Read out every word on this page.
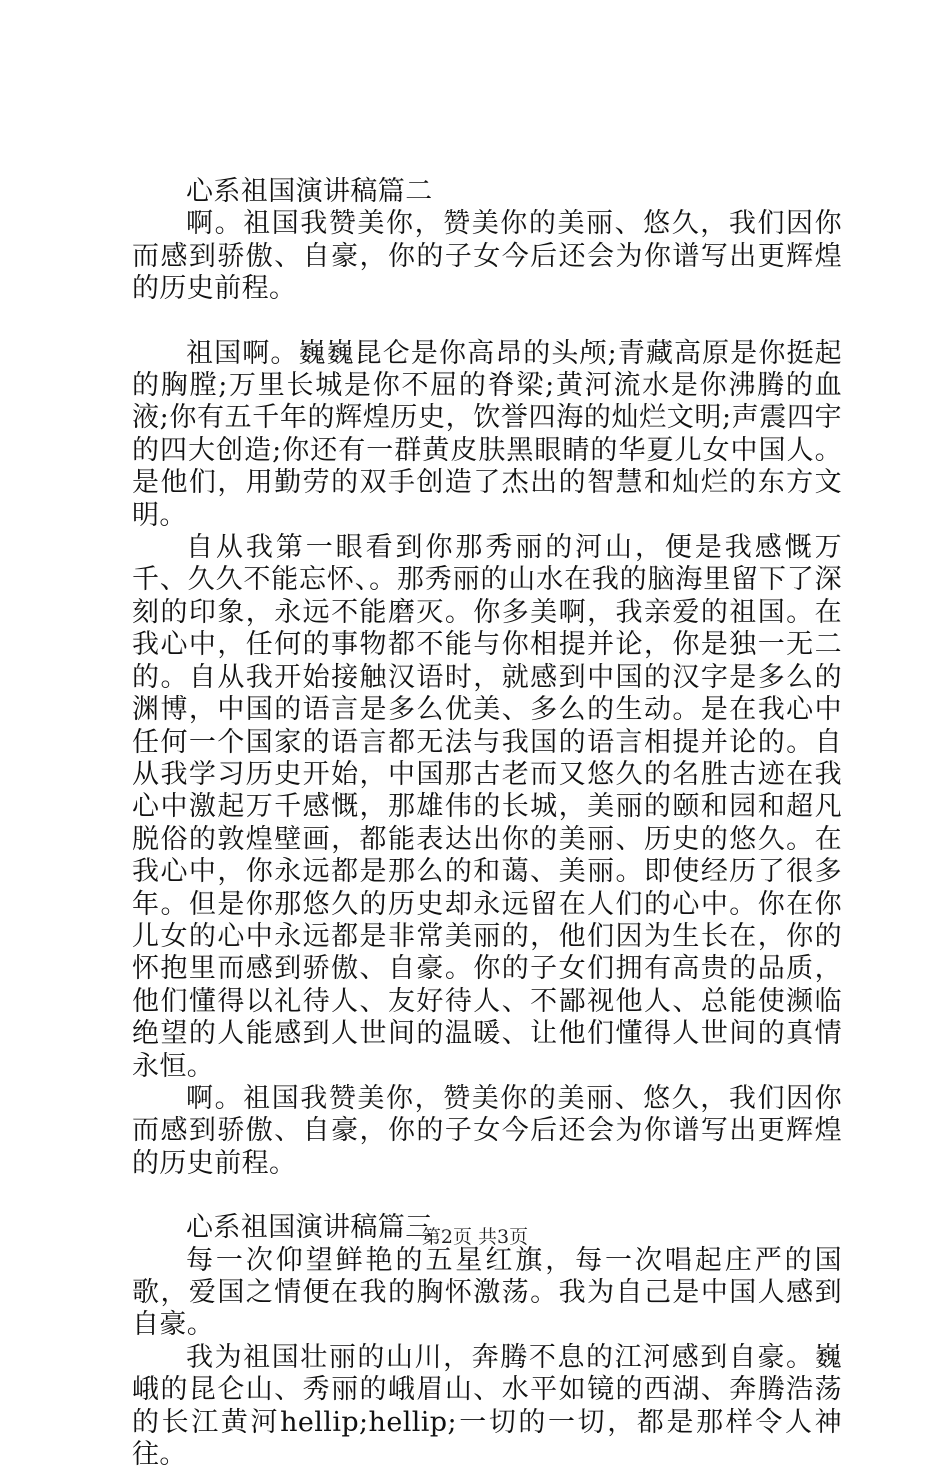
心系祖国演讲稿篇二

啊。祖国我赞美你，赞美你的美丽、悠久，我们因你而感到骄傲、自豪，你的子女今后还会为你谱写出更辉煌的历史前程。

祖国啊。巍巍昆仑是你高昂的头颅;青藏高原是你挺起的胸膛;万里长城是你不屈的脊梁;黄河流水是你沸腾的血液;你有五千年的辉煌历史，饮誉四海的灿烂文明;声震四宇的四大创造;你还有一群黄皮肤黑眼睛的华夏儿女中国人。是他们，用勤劳的双手创造了杰出的智慧和灿烂的东方文明。

自从我第一眼看到你那秀丽的河山，便是我感慨万千、久久不能忘怀、。那秀丽的山水在我的脑海里留下了深刻的印象，永远不能磨灭。你多美啊，我亲爱的祖国。在我心中，任何的事物都不能与你相提并论，你是独一无二的。自从我开始接触汉语时，就感到中国的汉字是多么的渊博，中国的语言是多么优美、多么的生动。是在我心中任何一个国家的语言都无法与我国的语言相提并论的。自从我学习历史开始，中国那古老而又悠久的名胜古迹在我心中激起万千感慨，那雄伟的长城，美丽的颐和园和超凡脱俗的敦煌壁画，都能表达出你的美丽、历史的悠久。在我心中，你永远都是那么的和蔼、美丽。即使经历了很多年。但是你那悠久的历史却永远留在人们的心中。你在你儿女的心中永远都是非常美丽的，他们因为生长在，你的怀抱里而感到骄傲、自豪。你的子女们拥有高贵的品质，他们懂得以礼待人、友好待人、不鄙视他人、总能使濒临绝望的人能感到人世间的温暖、让他们懂得人世间的真情永恒。

啊。祖国我赞美你，赞美你的美丽、悠久，我们因你而感到骄傲、自豪，你的子女今后还会为你谱写出更辉煌的历史前程。

心系祖国演讲稿篇三

每一次仰望鲜艳的五星红旗，每一次唱起庄严的国歌，爱国之情便在我的胸怀激荡。我为自己是中国人感到自豪。

我为祖国壮丽的山川，奔腾不息的江河感到自豪。巍峨的昆仑山、秀丽的峨眉山、水平如镜的西湖、奔腾浩荡的长江黄河hellip;hellip;一切的一切，都是那样令人神往。

第2页 共3页
